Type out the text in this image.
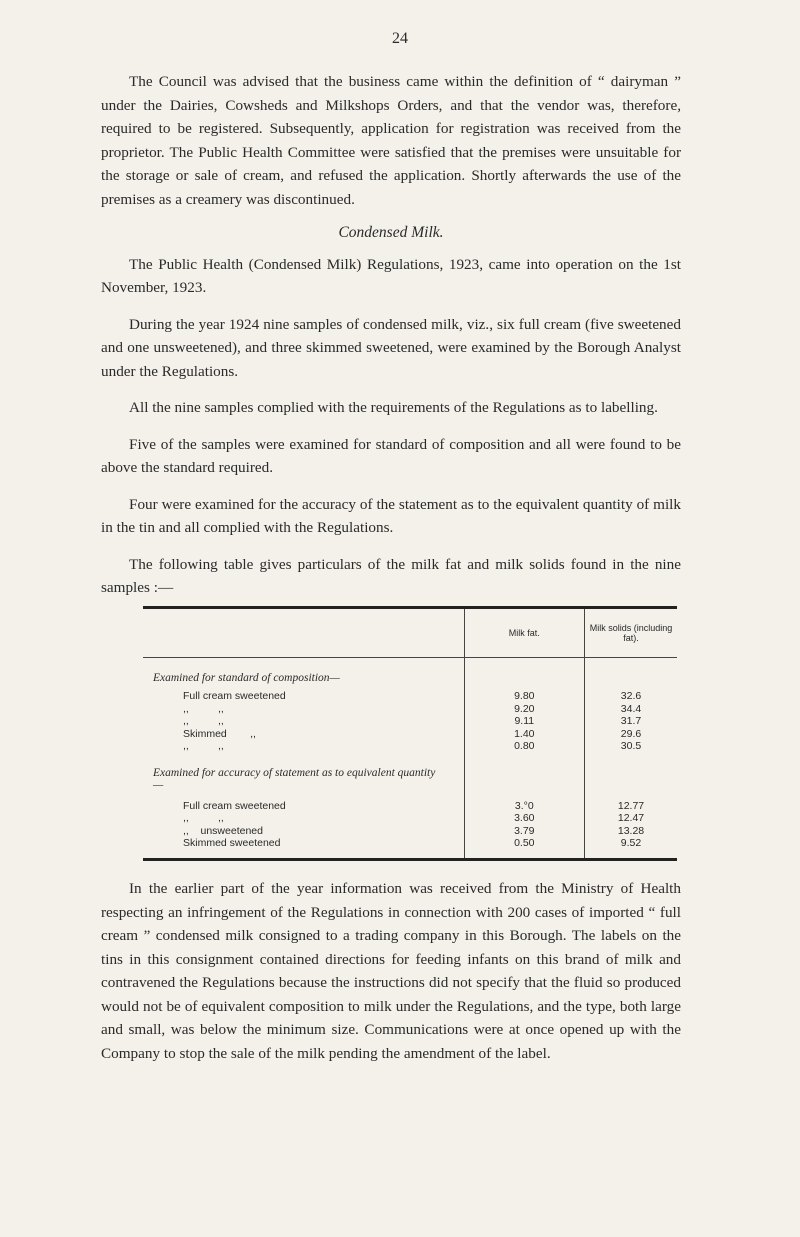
24

The Council was advised that the business came within the definition of “ dairyman ” under the Dairies, Cowsheds and Milkshops Orders, and that the vendor was, therefore, required to be registered. Subsequently, application for registration was received from the proprietor. The Public Health Committee were satisfied that the premises were unsuitable for the storage or sale of cream, and refused the application. Shortly afterwards the use of the premises as a creamery was discontinued.

Condensed Milk.

The Public Health (Condensed Milk) Regulations, 1923, came into operation on the 1st November, 1923.

During the year 1924 nine samples of condensed milk, viz., six full cream (five sweetened and one unsweetened), and three skimmed sweetened, were examined by the Borough Analyst under the Regulations.

All the nine samples complied with the requirements of the Regulations as to labelling.

Five of the samples were examined for standard of composition and all were found to be above the standard required.

Four were examined for the accuracy of the statement as to the equivalent quantity of milk in the tin and all complied with the Regulations.

The following table gives particulars of the milk fat and milk solids found in the nine samples :—

	Milk fat.	Milk solids (including fat).

Examined for standard of composition—		

Full cream sweetened	9.80	32.6
,,          ,,	9.20	34.4
,,          ,,	9.11	31.7
Skimmed        ,,	1.40	29.6
,,          ,,	0.80	30.5

Examined for accuracy of statement as to equivalent quantity—		

Full cream sweetened	3.°0	12.77
,,          ,,	3.60	12.47
,,    unsweetened	3.79	13.28
Skimmed sweetened	0.50	9.52

In the earlier part of the year information was received from the Ministry of Health respecting an infringement of the Regulations in connection with 200 cases of imported “ full cream ” condensed milk consigned to a trading company in this Borough. The labels on the tins in this consignment contained directions for feeding infants on this brand of milk and contravened the Regulations because the instructions did not specify that the fluid so produced would not be of equivalent composition to milk under the Regulations, and the type, both large and small, was below the minimum size. Communications were at once opened up with the Company to stop the sale of the milk pending the amendment of the label.
